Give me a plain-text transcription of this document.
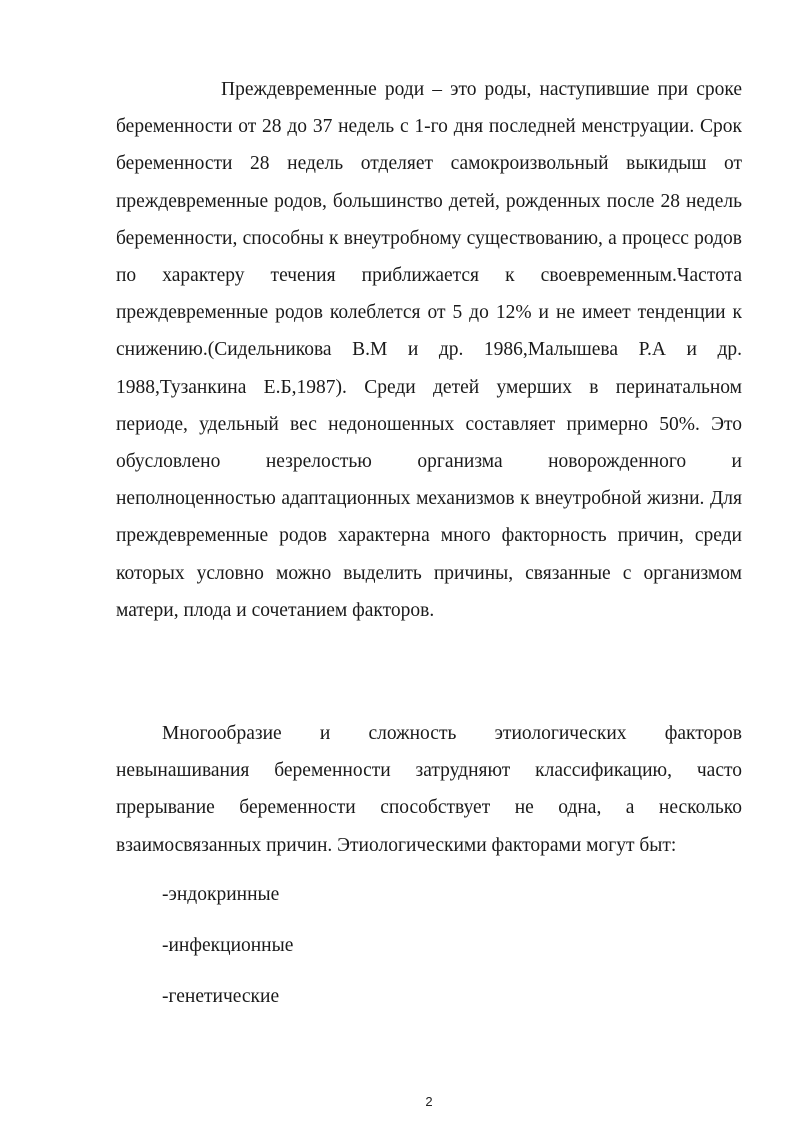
Преждевременные роди – это роды, наступившие при сроке беременности от 28 до 37 недель с 1-го дня последней менструации. Срок беременности 28 недель отделяет самокроизвольный выкидыш от преждевременные родов, большинство детей, рожденных после 28 недель беременности, способны к внеутробному существованию, а процесс родов по характеру течения приближается к своевременным.Частота преждевременные родов колеблется от 5 до 12% и не имеет тенденции к снижению.(Сидельникова В.М и др. 1986,Малышева Р.А и др. 1988,Тузанкина Е.Б,1987). Среди детей умерших в перинатальном периоде, удельный вес недоношенных составляет примерно 50%. Это обусловлено незрелостью организма новорожденного и неполноценностью адаптационных механизмов к внеутробной жизни. Для преждевременные родов характерна много факторность причин, среди которых условно можно выделить причины, связанные с организмом матери, плода и сочетанием факторов.

Многообразие и сложность этиологических факторов невынашивания беременности затрудняют классификацию, часто прерывание беременности способствует не одна, а несколько взаимосвязанных причин. Этиологическими факторами могут быт:

-эндокринные

-инфекционные

-генетические

2
